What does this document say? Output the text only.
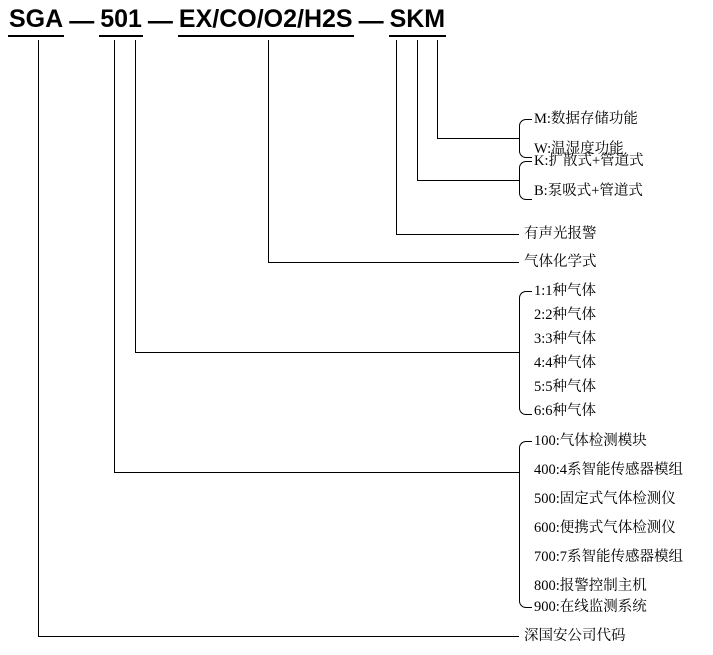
SGA — 501 — EX/CO/O2/H2S — SKM
M:数据存储功能
W:温湿度功能
K:扩散式+管道式
B:泵吸式+管道式
有声光报警
气体化学式
1:1种气体
2:2种气体
3:3种气体
4:4种气体
5:5种气体
6:6种气体
100:气体检测模块
400:4系智能传感器模组
500:固定式气体检测仪
600:便携式气体检测仪
700:7系智能传感器模组
800:报警控制主机
900:在线监测系统
深国安公司代码
